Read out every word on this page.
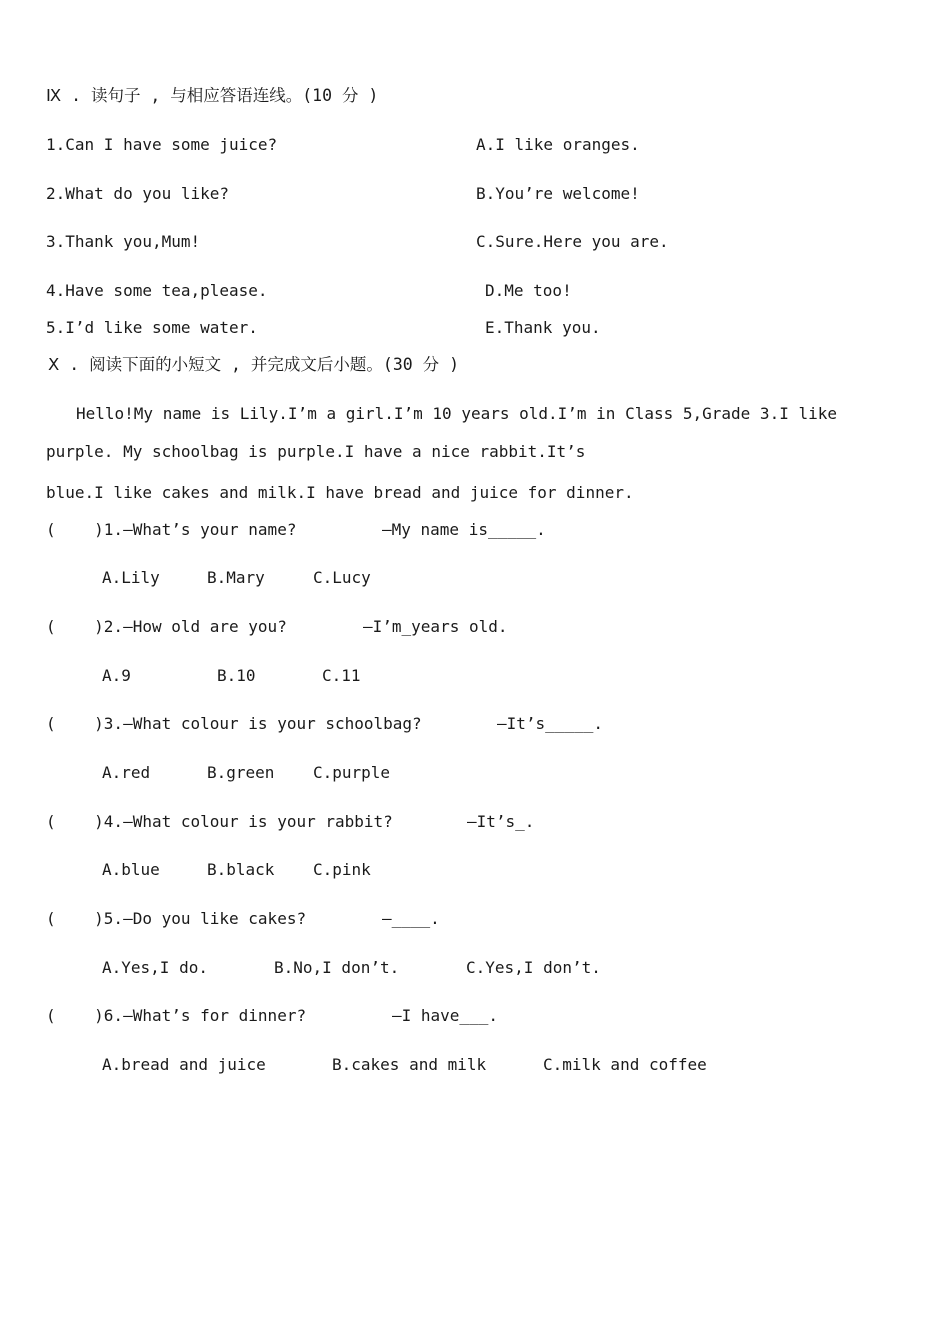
Ⅸ . 读句子 , 与相应答语连线。(10 分 )
1.Can I have some juice?	A.I like oranges.
2.What do you like?	B.You’re welcome!
3.Thank you,Mum!	C.Sure.Here you are.
4.Have some tea,please.	D.Me too!
5.I’d like some water.	E.Thank you.
Ⅹ . 阅读下面的小短文 , 并完成文后小题。(30 分 )
Hello!My name is Lily.I’m a girl.I’m 10 years old.I’m in Class 5,Grade 3.I like
purple. My schoolbag is purple.I have a nice rabbit.It’s
blue.I like cakes and milk.I have bread and juice for dinner.
(    )1.—What’s your name?	—My name is_____.
A.Lily	B.Mary	C.Lucy
(    )2.—How old are you?	—I’m_years old.
A.9	B.10	C.11
(    )3.—What colour is your schoolbag?	—It’s_____.
A.red	B.green C.purple
(    )4.—What colour is your rabbit?	—It’s_.
A.blue	B.black C.pink
(    )5.—Do you like cakes?	—____.
A.Yes,I do.	B.No,I don’t.	C.Yes,I don’t.
(    )6.—What’s for dinner?	—I have___.
A.bread and juice	B.cakes and milk	C.milk and coffee
